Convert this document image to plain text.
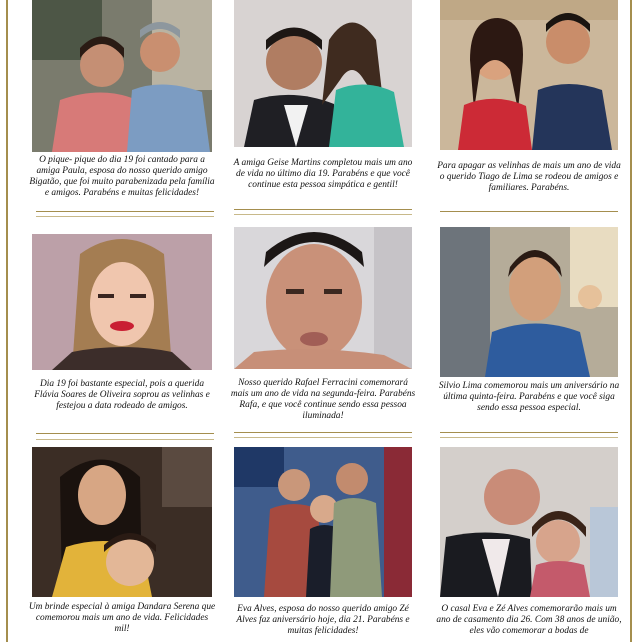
O pique- pique do dia 19 foi cantado para a amiga Paula, esposa do nosso querido amigo Bigatão, que foi muito parabenizada pela família e amigos. Parabéns e muitas felicidades!
A amiga Geise Martins completou mais um ano de vida no último dia 19. Parabéns e que você continue esta pessoa simpática e gentil!
Para apagar as velinhas de mais um ano de vida o querido Tiago de Lima se rodeou de amigos e familiares. Parabéns.
Dia 19 foi bastante especial, pois a querida Flávia Soares de Oliveira soprou as velinhas e festejou a data rodeado de amigos.
Nosso querido Rafael Ferracini comemorará mais um ano de vida na segunda-feira. Parabéns Rafa, e que você continue sendo essa pessoa iluminada!
Silvio Lima comemorou mais um aniversário na última quinta-feira. Parabéns e que você siga sendo essa pessoa especial.
Um brinde especial à amiga Dandara Serena que comemorou mais um ano de vida. Felicidades mil!
Eva Alves, esposa do nosso querido amigo Zé Alves faz aniversário hoje, dia 21. Parabéns e muitas felicidades!
O casal Eva e Zé Alves comemorarão mais um ano de casamento dia 26. Com 38 anos de união, eles vão comemorar a bodas de
